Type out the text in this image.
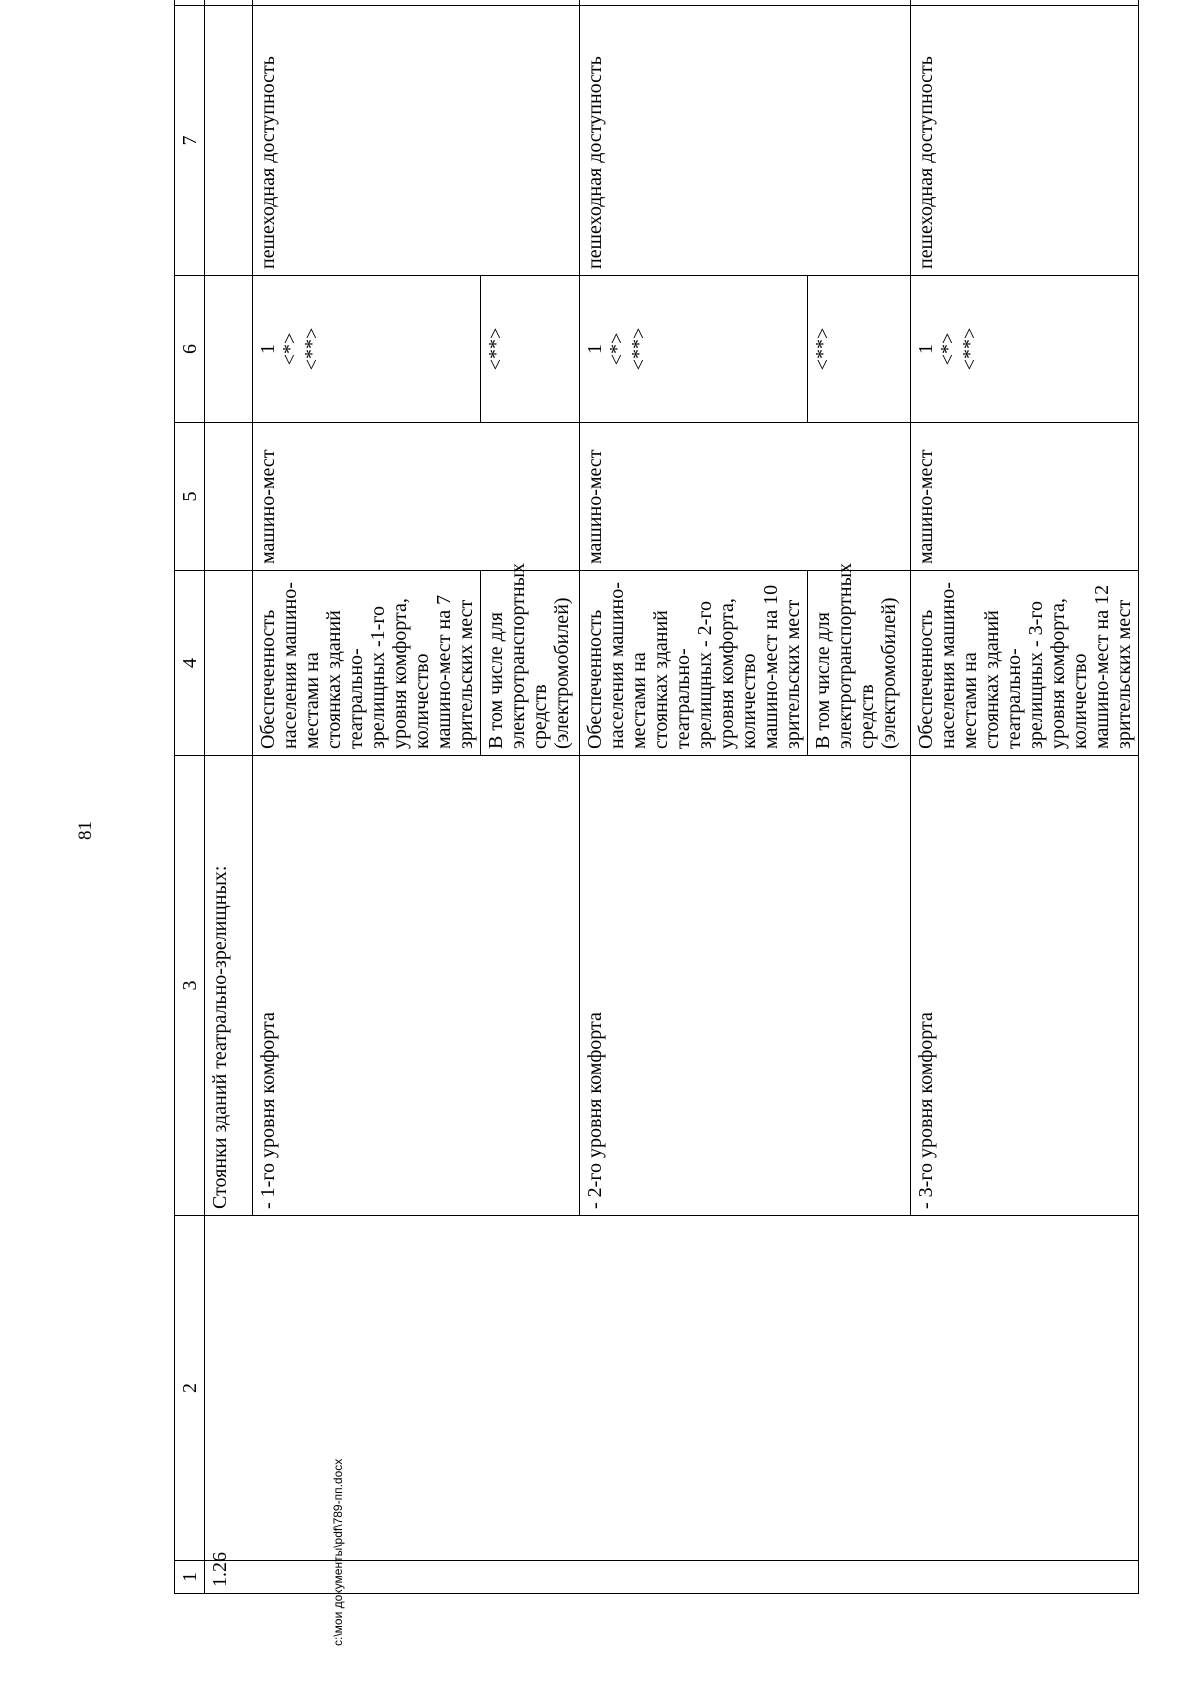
81
1	2	3	4	5	6	7		
1.26		Стоянки зданий театрально-зрелищных:						
		- 1-го уровня комфорта	Обеспеченность населения машино-местами на стоянках зданий театрально-зрелищных -1-го уровня комфорта, количество машино-мест на 7 зрительских мест	машино-мест	1
<*>
<**>	пешеходная доступность		
			В том числе для электротранспортных средств (электромобилей)		<**>			
		- 2-го уровня комфорта	Обеспеченность населения машино-местами на стоянках зданий театрально-зрелищных - 2-го уровня комфорта, количество машино-мест на 10 зрительских мест	машино-мест	1
<*>
<**>	пешеходная доступность		
			В том числе для электротранспортных средств (электромобилей)		<**>			
		- 3-го уровня комфорта	Обеспеченность населения машино-местами на стоянках зданий театрально-зрелищных - 3-го уровня комфорта, количество машино-мест на 12 зрительских мест	машино-мест	1
<*>
<**>	пешеходная доступность		
c:\мои документы\pdf\789-пп.docx
